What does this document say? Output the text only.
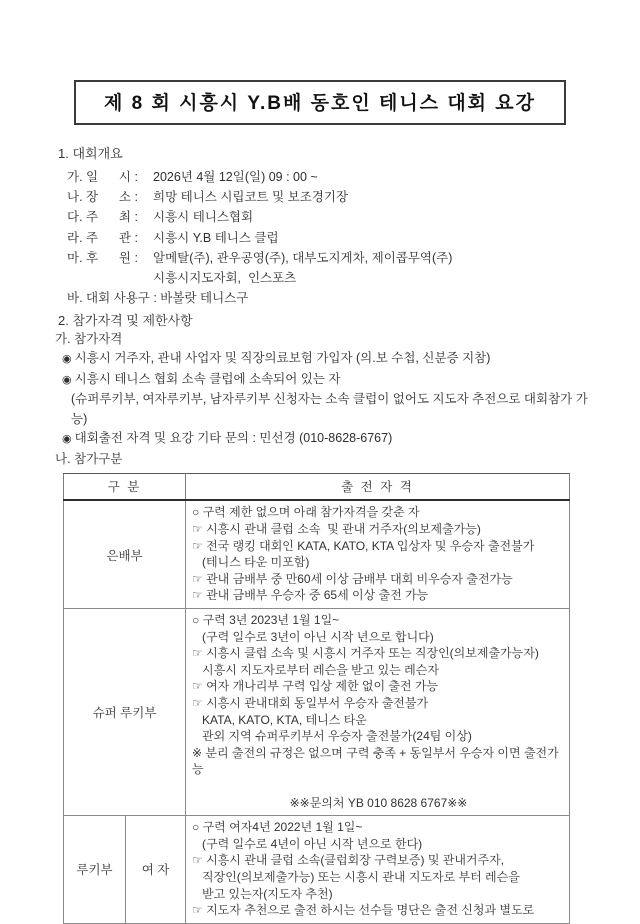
제 8 회 시흥시 Y.B배 동호인 테니스 대회 요강
1. 대회개요
가. 일      시 : 2026년 4월 12일(일) 09 : 00 ~
나. 장      소 : 희망 테니스 시립코트 및 보조경기장
다. 주      최 : 시흥시 테니스협회
라. 주      관 : 시흥시 Y.B 테니스 클럽
마. 후      원 : 알메탈(주), 관우공영(주), 대부도지게차, 제이콥무역(주)
시흥시지도자회,  인스포츠
바. 대회 사용구 : 바볼랏 테니스구
2. 참가자격 및 제한사항
가. 참가자격
◉ 시흥시 거주자, 관내 사업자 및 직장의료보험 가입자 (의.보 수첩, 신분증 지참)
◉ 시흥시 테니스 협회 소속 클럽에 소속되어 있는 자
(슈퍼루키부, 여자루키부, 남자루키부 신청자는 소속 클럽이 없어도 지도자 추전으로 대회참가 가능)
◉ 대회출전 자격 및 요강 기타 문의 : 민선경 (010-8628-6767)
나. 참가구분
구 분		출 전 자 격
은배부	
○ 구력 제한 없으며 아래 참가자격을 갖춘 자
☞ 시흥시 관내 클럽 소속  및 관내 거주자(의보제출가능)
☞ 전국 랭킹 대회인 KATA, KATO, KTA 입상자 및 우승자 출전불가
(테니스 타운 미포함)
☞ 관내 금배부 중 만60세 이상 금배부 대회 비우승자 출전가능
☞ 관내 금배부 우승자 중 65세 이상 출전 가능

슈퍼 루키부	
○ 구력 3년 2023년 1월 1일~
(구력 일수로 3년이 아닌 시작 년으로 합니다)
☞ 시흥시 클럽 소속 및 시흥시 거주자 또는 직장인(의보제출가능자)
시흥시 지도자로부터 레슨을 받고 있는 레슨자
☞ 여자 개나리부 구력 입상 제한 없이 출전 가능
☞ 시흥시 관내대회 동일부서 우승자 출전불가
KATA, KATO, KTA, 테니스 타운
관외 지역 슈퍼루키부서 우승자 출전불가(24팀 이상)
※ 분리 출전의 규정은 없으며 구력 충족 + 동일부서 우승자 이면 출전가능
※※문의처 YB 010 8628 6767※※

루키부	여 자	
○ 구력 여자4년 2022년 1월 1일~
(구력 일수로 4년이 아닌 시작 년으로 한다)
☞ 시흥시 관내 클럽 소속(클럽회장 구력보증) 및 관내거주자,
직장인(의보제출가능) 또는 시흥시 관내 지도자로 부터 레슨을
받고 있는자(지도자 추천)
☞ 지도자 추천으로 출전 하시는 선수들 명단은 출전 신청과 별도로
